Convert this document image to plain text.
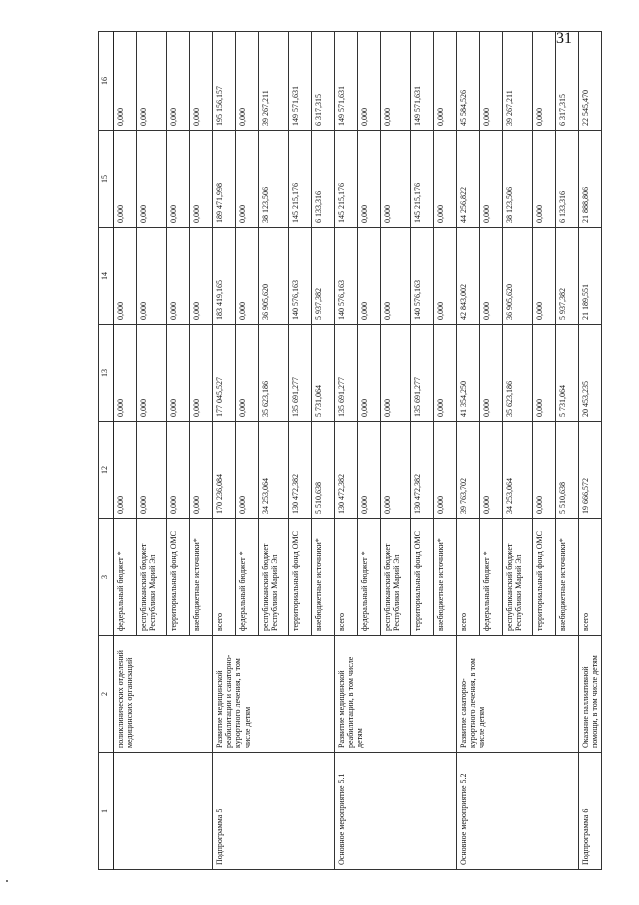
31
1	2	3	12	13	14	15	16
	поликлинических отделений медицинских организаций	федеральный бюджет *	0,000	0,000	0,000	0,000	0,000
		республиканский бюджет Республики Марий Эл	0,000	0,000	0,000	0,000	0,000
		территориальный фонд ОМС	0,000	0,000	0,000	0,000	0,000
		внебюджетные источники*	0,000	0,000	0,000	0,000	0,000
Подпрограмма 5	Развитие медицинской реабилитации и санаторно-курортного лечения, в том числе детям	всего	170 236,084	177 045,527	183 419,165	189 471,998	195 156,157
		федеральный бюджет *	0,000	0,000	0,000	0,000	0,000
		республиканский бюджет Республики Марий Эл	34 253,064	35 623,186	36 905,620	38 123,506	39 267,211
		территориальный фонд ОМС	130 472,382	135 691,277	140 576,163	145 215,176	149 571,631
		внебюджетные источники*	5 510,638	5 731,064	5 937,382	6 133,316	6 317,315
Основное мероприятие 5.1	Развитие медицинской реабилитации, в том числе детям	всего	130 472,382	135 691,277	140 576,163	145 215,176	149 571,631
		федеральный бюджет *	0,000	0,000	0,000	0,000	0,000
		республиканский бюджет Республики Марий Эл	0,000	0,000	0,000	0,000	0,000
		территориальный фонд ОМС	130 472,382	135 691,277	140 576,163	145 215,176	149 571,631
		внебюджетные источники*	0,000	0,000	0,000	0,000	0,000
Основное мероприятие 5.2	Развитие санаторно-курортного лечения, в том числе детям	всего	39 763,702	41 354,250	42 843,002	44 256,822	45 584,526
		федеральный бюджет *	0,000	0,000	0,000	0,000	0,000
		республиканский бюджет Республики Марий Эл	34 253,064	35 623,186	36 905,620	38 123,506	39 267,211
		территориальный фонд ОМС	0,000	0,000	0,000	0,000	0,000
		внебюджетные источники*	5 510,638	5 731,064	5 937,382	6 133,316	6 317,315
Подпрограмма 6	Оказание паллиативной помощи, в том числе детям	всего	19 666,572	20 453,235	21 189,551	21 888,806	22 545,470
